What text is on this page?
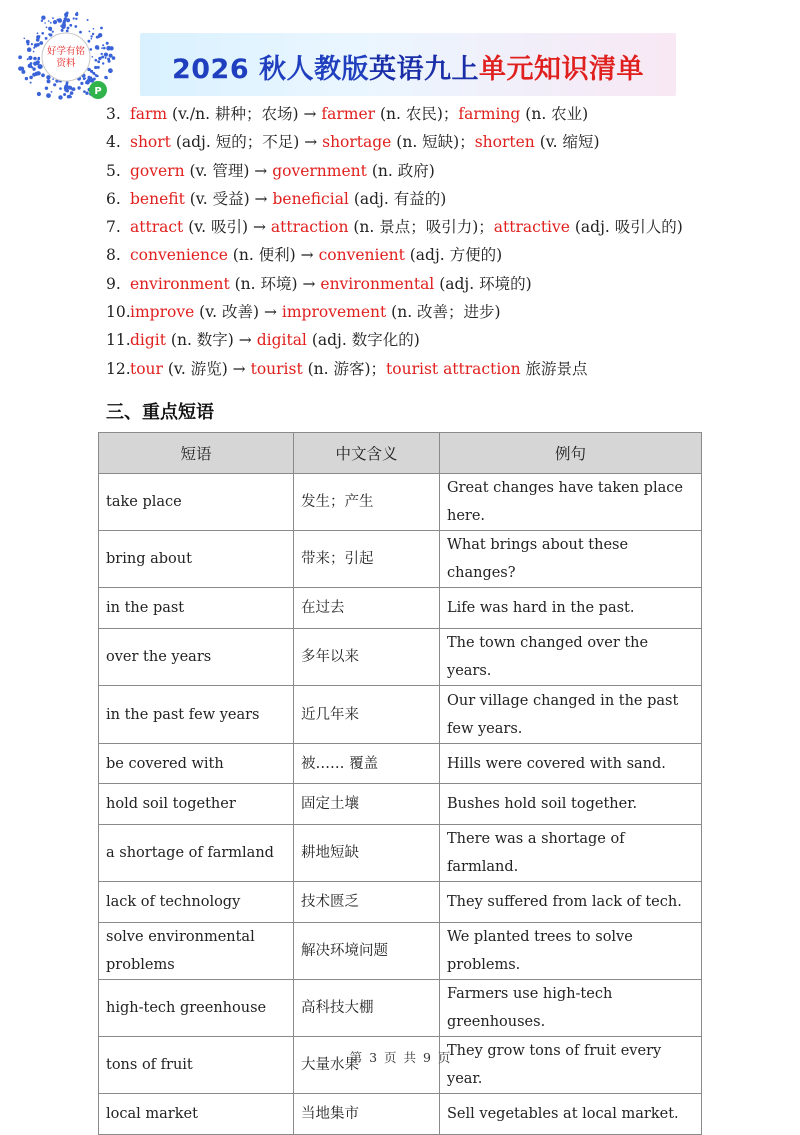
好学有铭
资料
P
2026 秋人教版英语九上单元知识清单
3. farm (v./n. 耕种；农场) → farmer (n. 农民)；farming (n. 农业)
4. short (adj. 短的；不足) → shortage (n. 短缺)；shorten (v. 缩短)
5. govern (v. 管理) → government (n. 政府)
6. benefit (v. 受益) → beneficial (adj. 有益的)
7. attract (v. 吸引) → attraction (n. 景点；吸引力)；attractive (adj. 吸引人的)
8. convenience (n. 便利) → convenient (adj. 方便的)
9. environment (n. 环境) → environmental (adj. 环境的)
10.improve (v. 改善) → improvement (n. 改善；进步)
11.digit (n. 数字) → digital (adj. 数字化的)
12.tour (v. 游览) → tourist (n. 游客)；tourist attraction 旅游景点
三、重点短语
短语	中文含义	例句
take place	发生；产生	Great changes have taken place here.
bring about	带来；引起	What brings about these changes?
in the past	在过去	Life was hard in the past.
over the years	多年以来	The town changed over the years.
in the past few years	近几年来	Our village changed in the past few years.
be covered with	被…… 覆盖	Hills were covered with sand.
hold soil together	固定土壤	Bushes hold soil together.
a shortage of farmland	耕地短缺	There was a shortage of farmland.
lack of technology	技术匮乏	They suffered from lack of tech.
solve environmental problems	解决环境问题	We planted trees to solve problems.
high-tech greenhouse	高科技大棚	Farmers use high-tech greenhouses.
tons of fruit	大量水果	They grow tons of fruit every year.
local market	当地集市	Sell vegetables at local market.
第 3 页 共 9 页
